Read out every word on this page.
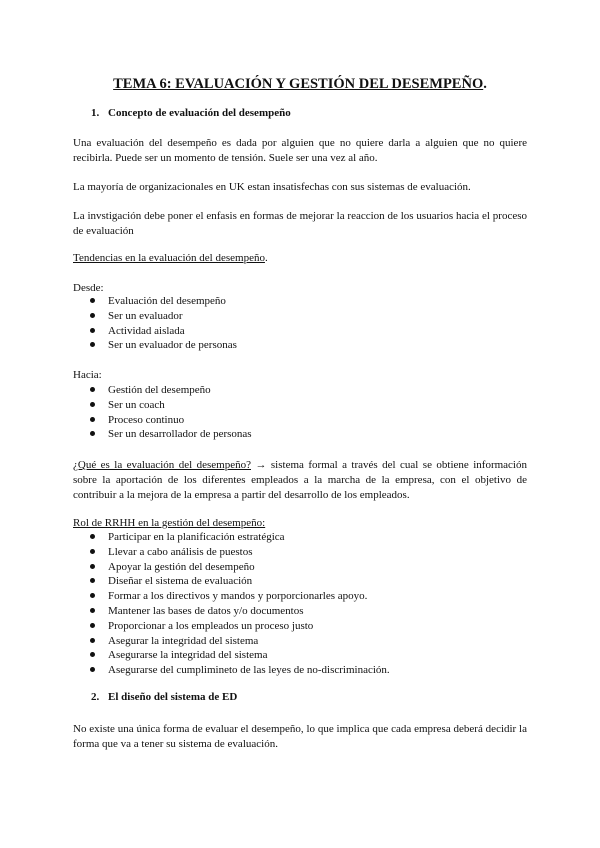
TEMA 6: EVALUACIÓN Y GESTIÓN DEL DESEMPEÑO.
1. Concepto de evaluación del desempeño
Una evaluación del desempeño es dada por alguien que no quiere darla a alguien que no quiere recibirla. Puede ser un momento de tensión. Suele ser una vez al año.
La mayoría de organizacionales en UK estan insatisfechas con sus sistemas de evaluación.
La invstigación debe poner el enfasis en formas de mejorar la reaccion de los usuarios hacia el proceso de evaluación
Tendencias en la evaluación del desempeño.
Desde:
Evaluación del desempeño
Ser un evaluador
Actividad aislada
Ser un evaluador de personas
Hacia:
Gestión del desempeño
Ser un coach
Proceso continuo
Ser un desarrollador de personas
¿Qué es la evaluación del desempeño? → sistema formal a través del cual se obtiene información sobre la aportación de los diferentes empleados a la marcha de la empresa, con el objetivo de contribuir a la mejora de la empresa a partir del desarrollo de los empleados.
Rol de RRHH en la gestión del desempeño:
Participar en la planificación estratégica
Llevar a cabo análisis de puestos
Apoyar la gestión del desempeño
Diseñar el sistema de evaluación
Formar a los directivos y mandos y porporcionarles apoyo.
Mantener las bases de datos y/o documentos
Proporcionar a los empleados un proceso justo
Asegurar la integridad del sistema
Asegurarse la integridad del sistema
Asegurarse del cumplimineto de las leyes de no-discriminación.
2. El diseño del sistema de ED
No existe una única forma de evaluar el desempeño, lo que implica que cada empresa deberá decidir la forma que va a tener su sistema de evaluación.
